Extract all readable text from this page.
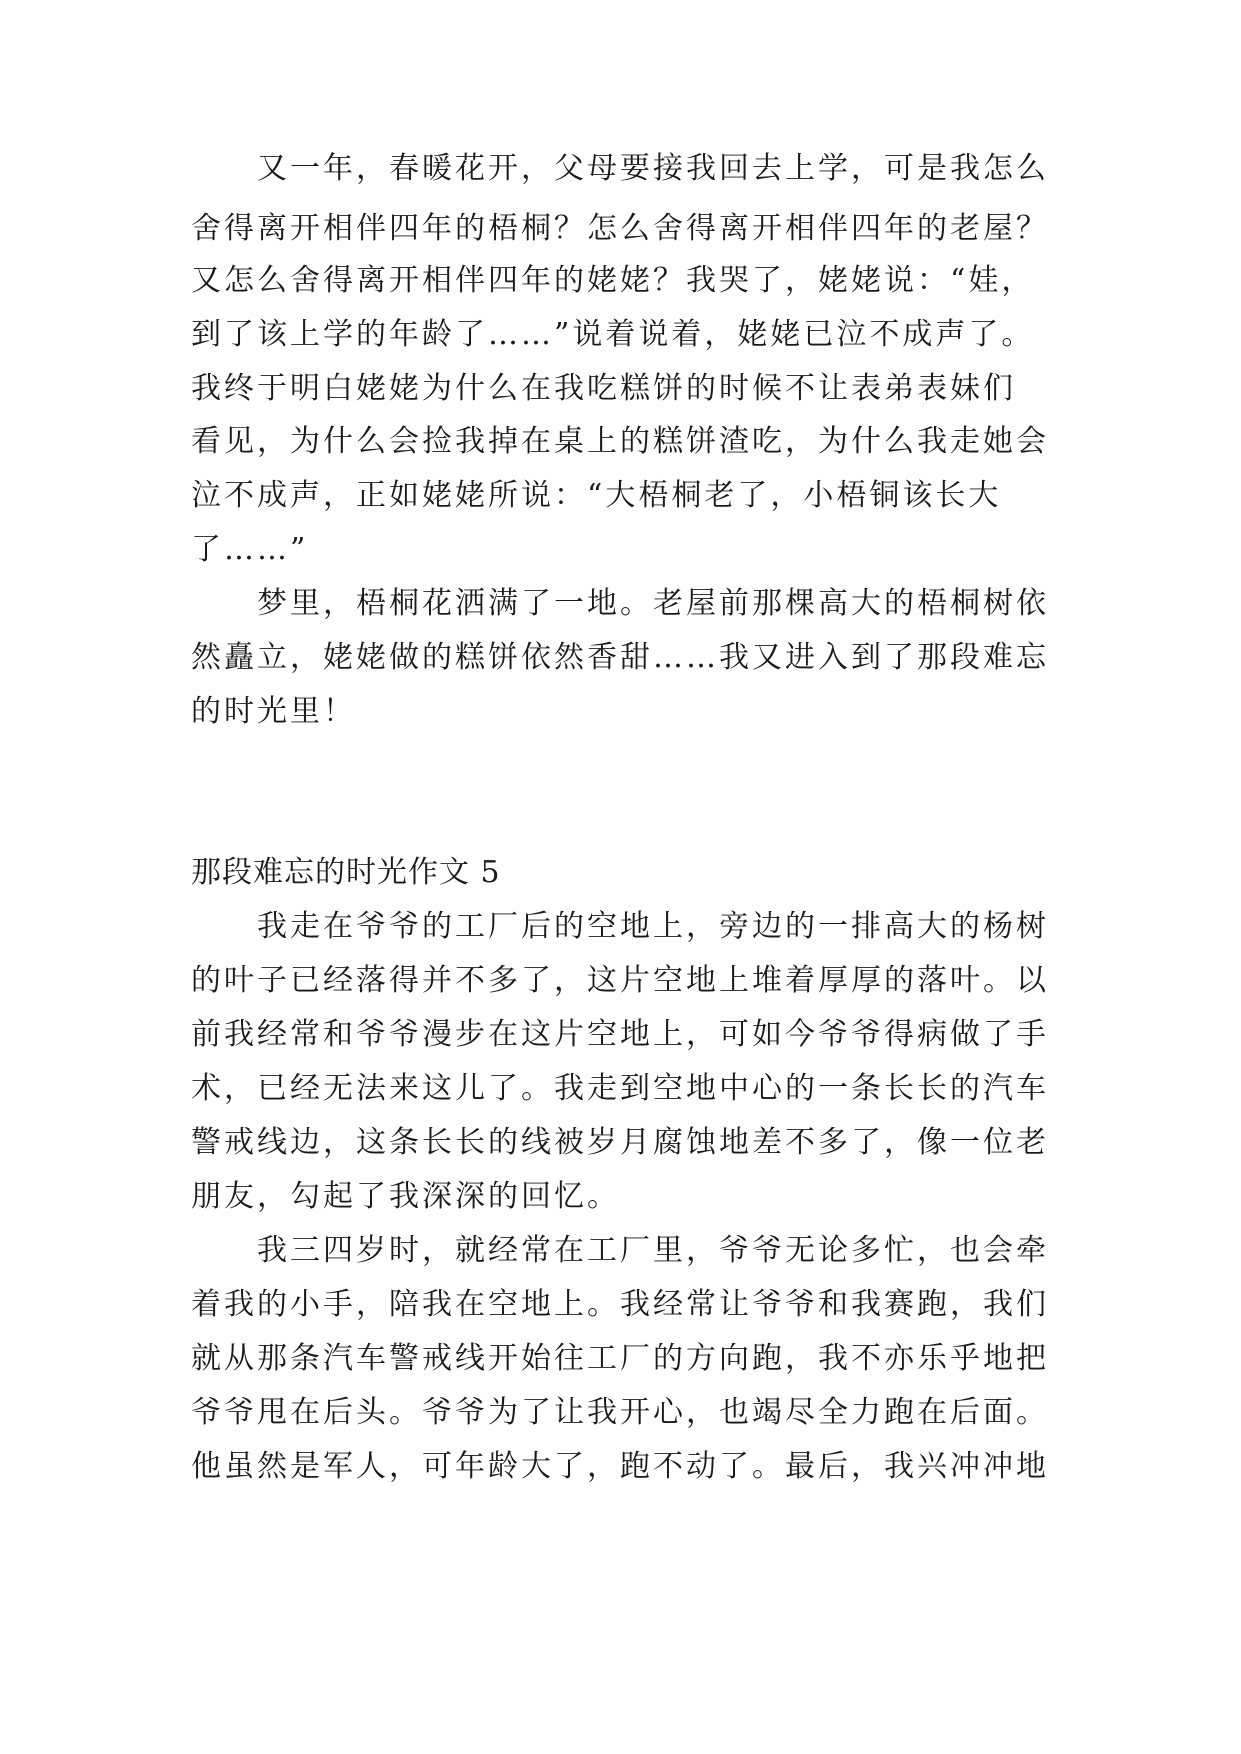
又一年，春暖花开，父母要接我回去上学，可是我怎么

舍得离开相伴四年的梧桐？怎么舍得离开相伴四年的老屋？

又怎么舍得离开相伴四年的姥姥？我哭了，姥姥说：“娃，

到了该上学的年龄了……”说着说着，姥姥已泣不成声了。

我终于明白姥姥为什么在我吃糕饼的时候不让表弟表妹们

看见，为什么会捡我掉在桌上的糕饼渣吃，为什么我走她会

泣不成声，正如姥姥所说：“大梧桐老了，小梧铜该长大

了……”

梦里，梧桐花洒满了一地。老屋前那棵高大的梧桐树依

然矗立，姥姥做的糕饼依然香甜……我又进入到了那段难忘

的时光里！

那段难忘的时光作文 5

我走在爷爷的工厂后的空地上，旁边的一排高大的杨树

的叶子已经落得并不多了，这片空地上堆着厚厚的落叶。以

前我经常和爷爷漫步在这片空地上，可如今爷爷得病做了手

术，已经无法来这儿了。我走到空地中心的一条长长的汽车

警戒线边，这条长长的线被岁月腐蚀地差不多了，像一位老

朋友，勾起了我深深的回忆。

我三四岁时，就经常在工厂里，爷爷无论多忙，也会牵

着我的小手，陪我在空地上。我经常让爷爷和我赛跑，我们

就从那条汽车警戒线开始往工厂的方向跑，我不亦乐乎地把

爷爷甩在后头。爷爷为了让我开心，也竭尽全力跑在后面。

他虽然是军人，可年龄大了，跑不动了。最后，我兴冲冲地
